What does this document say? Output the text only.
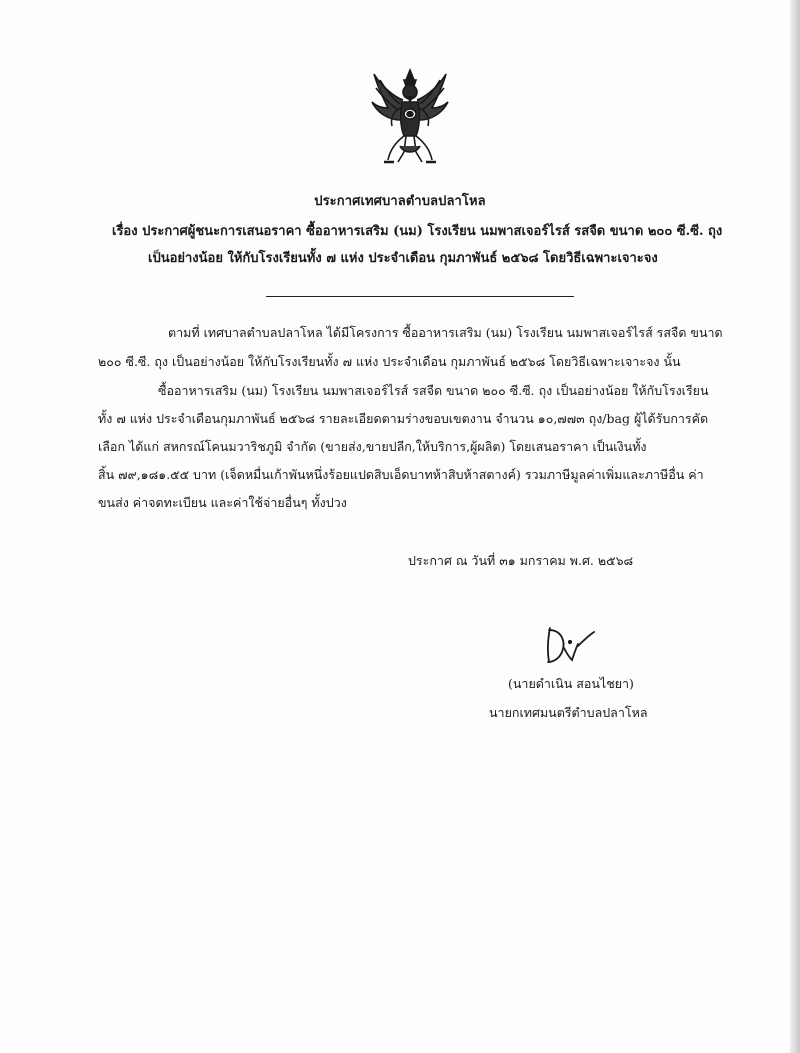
ประกาศเทศบาลตำบลปลาโหล
เรื่อง ประกาศผู้ชนะการเสนอราคา ซื้ออาหารเสริม (นม) โรงเรียน นมพาสเจอร์ไรส์ รสจืด ขนาด ๒๐๐ ซี.ซี. ถุง
เป็นอย่างน้อย ให้กับโรงเรียนทั้ง ๗ แห่ง ประจำเดือน กุมภาพันธ์ ๒๕๖๘ โดยวิธีเฉพาะเจาะจง
ตามที่ เทศบาลตำบลปลาโหล ได้มีโครงการ ซื้ออาหารเสริม (นม) โรงเรียน นมพาสเจอร์ไรส์ รสจืด ขนาด
๒๐๐ ซี.ซี. ถุง เป็นอย่างน้อย ให้กับโรงเรียนทั้ง ๗ แห่ง ประจำเดือน กุมภาพันธ์ ๒๕๖๘ โดยวิธีเฉพาะเจาะจง นั้น
ซื้ออาหารเสริม (นม) โรงเรียน นมพาสเจอร์ไรส์ รสจืด ขนาด ๒๐๐ ซี.ซี. ถุง เป็นอย่างน้อย ให้กับโรงเรียน
ทั้ง ๗ แห่ง ประจำเดือนกุมภาพันธ์ ๒๕๖๘ รายละเอียดตามร่างขอบเขตงาน จำนวน ๑๐,๗๗๓ ถุง/bag ผู้ได้รับการคัด
เลือก ได้แก่ สหกรณ์โคนมวาริชภูมิ จำกัด (ขายส่ง,ขายปลีก,ให้บริการ,ผู้ผลิต) โดยเสนอราคา เป็นเงินทั้ง
สิ้น ๗๙,๑๘๑.๕๕ บาท (เจ็ดหมื่นเก้าพันหนึ่งร้อยแปดสิบเอ็ดบาทห้าสิบห้าสตางค์) รวมภาษีมูลค่าเพิ่มและภาษีอื่น ค่า
ขนส่ง ค่าจดทะเบียน และค่าใช้จ่ายอื่นๆ ทั้งปวง
ประกาศ ณ วันที่ ๓๑ มกราคม พ.ศ. ๒๕๖๘
(นายดำเนิน สอนไชยา)
นายกเทศมนตรีตำบลปลาโหล
